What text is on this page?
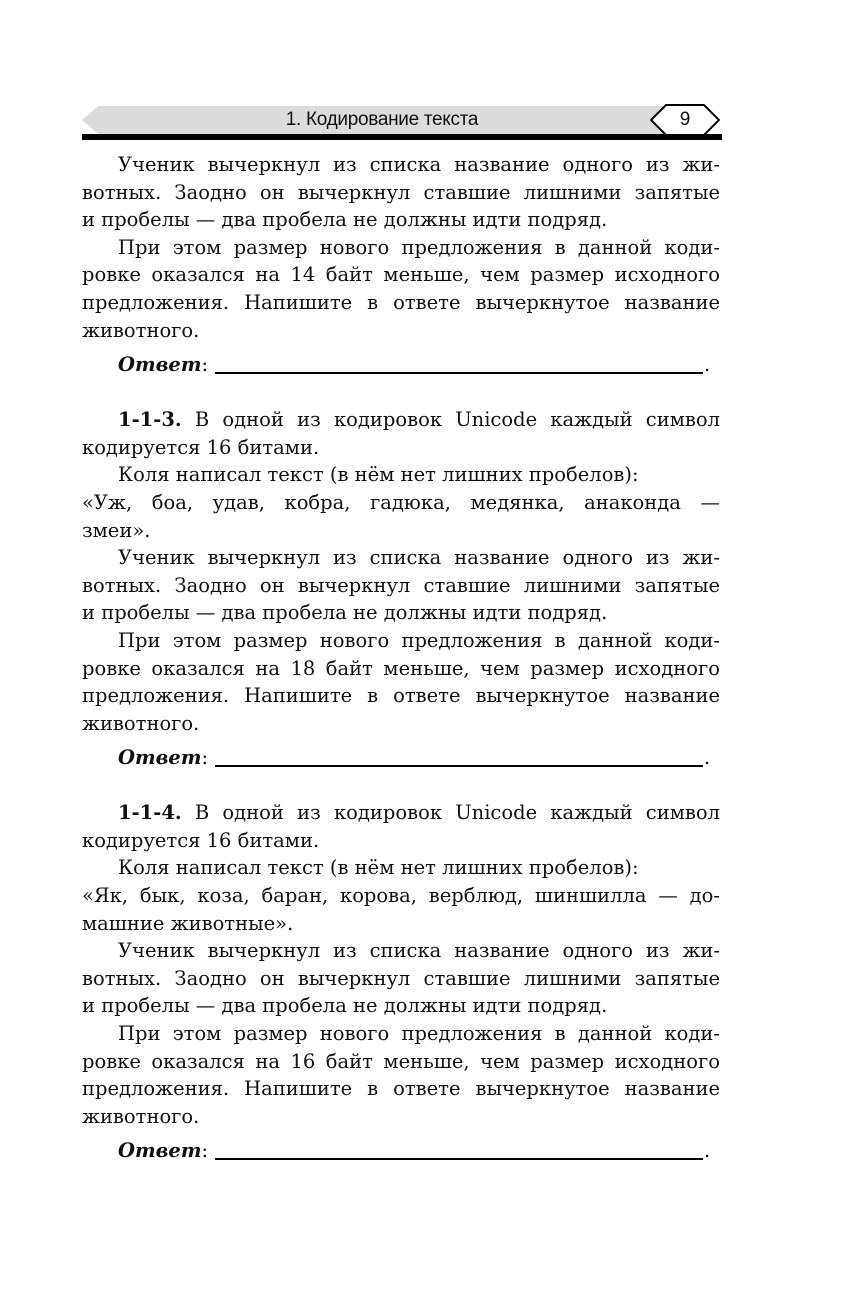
1. Кодирование текста	9
Ученик вычеркнул из списка название одного из жи-
вотных. Заодно он вычеркнул ставшие лишними запятые
и пробелы — два пробела не должны идти подряд.
При этом размер нового предложения в данной коди-
ровке оказался на 14 байт меньше, чем размер исходного
предложения. Напишите в ответе вычеркнутое название
животного.
Ответ:	.
1-1-3. В одной из кодировок Unicode каждый символ
кодируется 16 битами.
Коля написал текст (в нём нет лишних пробелов):
«Уж, боа, удав, кобра, гадюка, медянка, анаконда —
змеи».
Ученик вычеркнул из списка название одного из жи-
вотных. Заодно он вычеркнул ставшие лишними запятые
и пробелы — два пробела не должны идти подряд.
При этом размер нового предложения в данной коди-
ровке оказался на 18 байт меньше, чем размер исходного
предложения. Напишите в ответе вычеркнутое название
животного.
Ответ:	.
1-1-4. В одной из кодировок Unicode каждый символ
кодируется 16 битами.
Коля написал текст (в нём нет лишних пробелов):
«Як, бык, коза, баран, корова, верблюд, шиншилла — до-
машние животные».
Ученик вычеркнул из списка название одного из жи-
вотных. Заодно он вычеркнул ставшие лишними запятые
и пробелы — два пробела не должны идти подряд.
При этом размер нового предложения в данной коди-
ровке оказался на 16 байт меньше, чем размер исходного
предложения. Напишите в ответе вычеркнутое название
животного.
Ответ:	.
